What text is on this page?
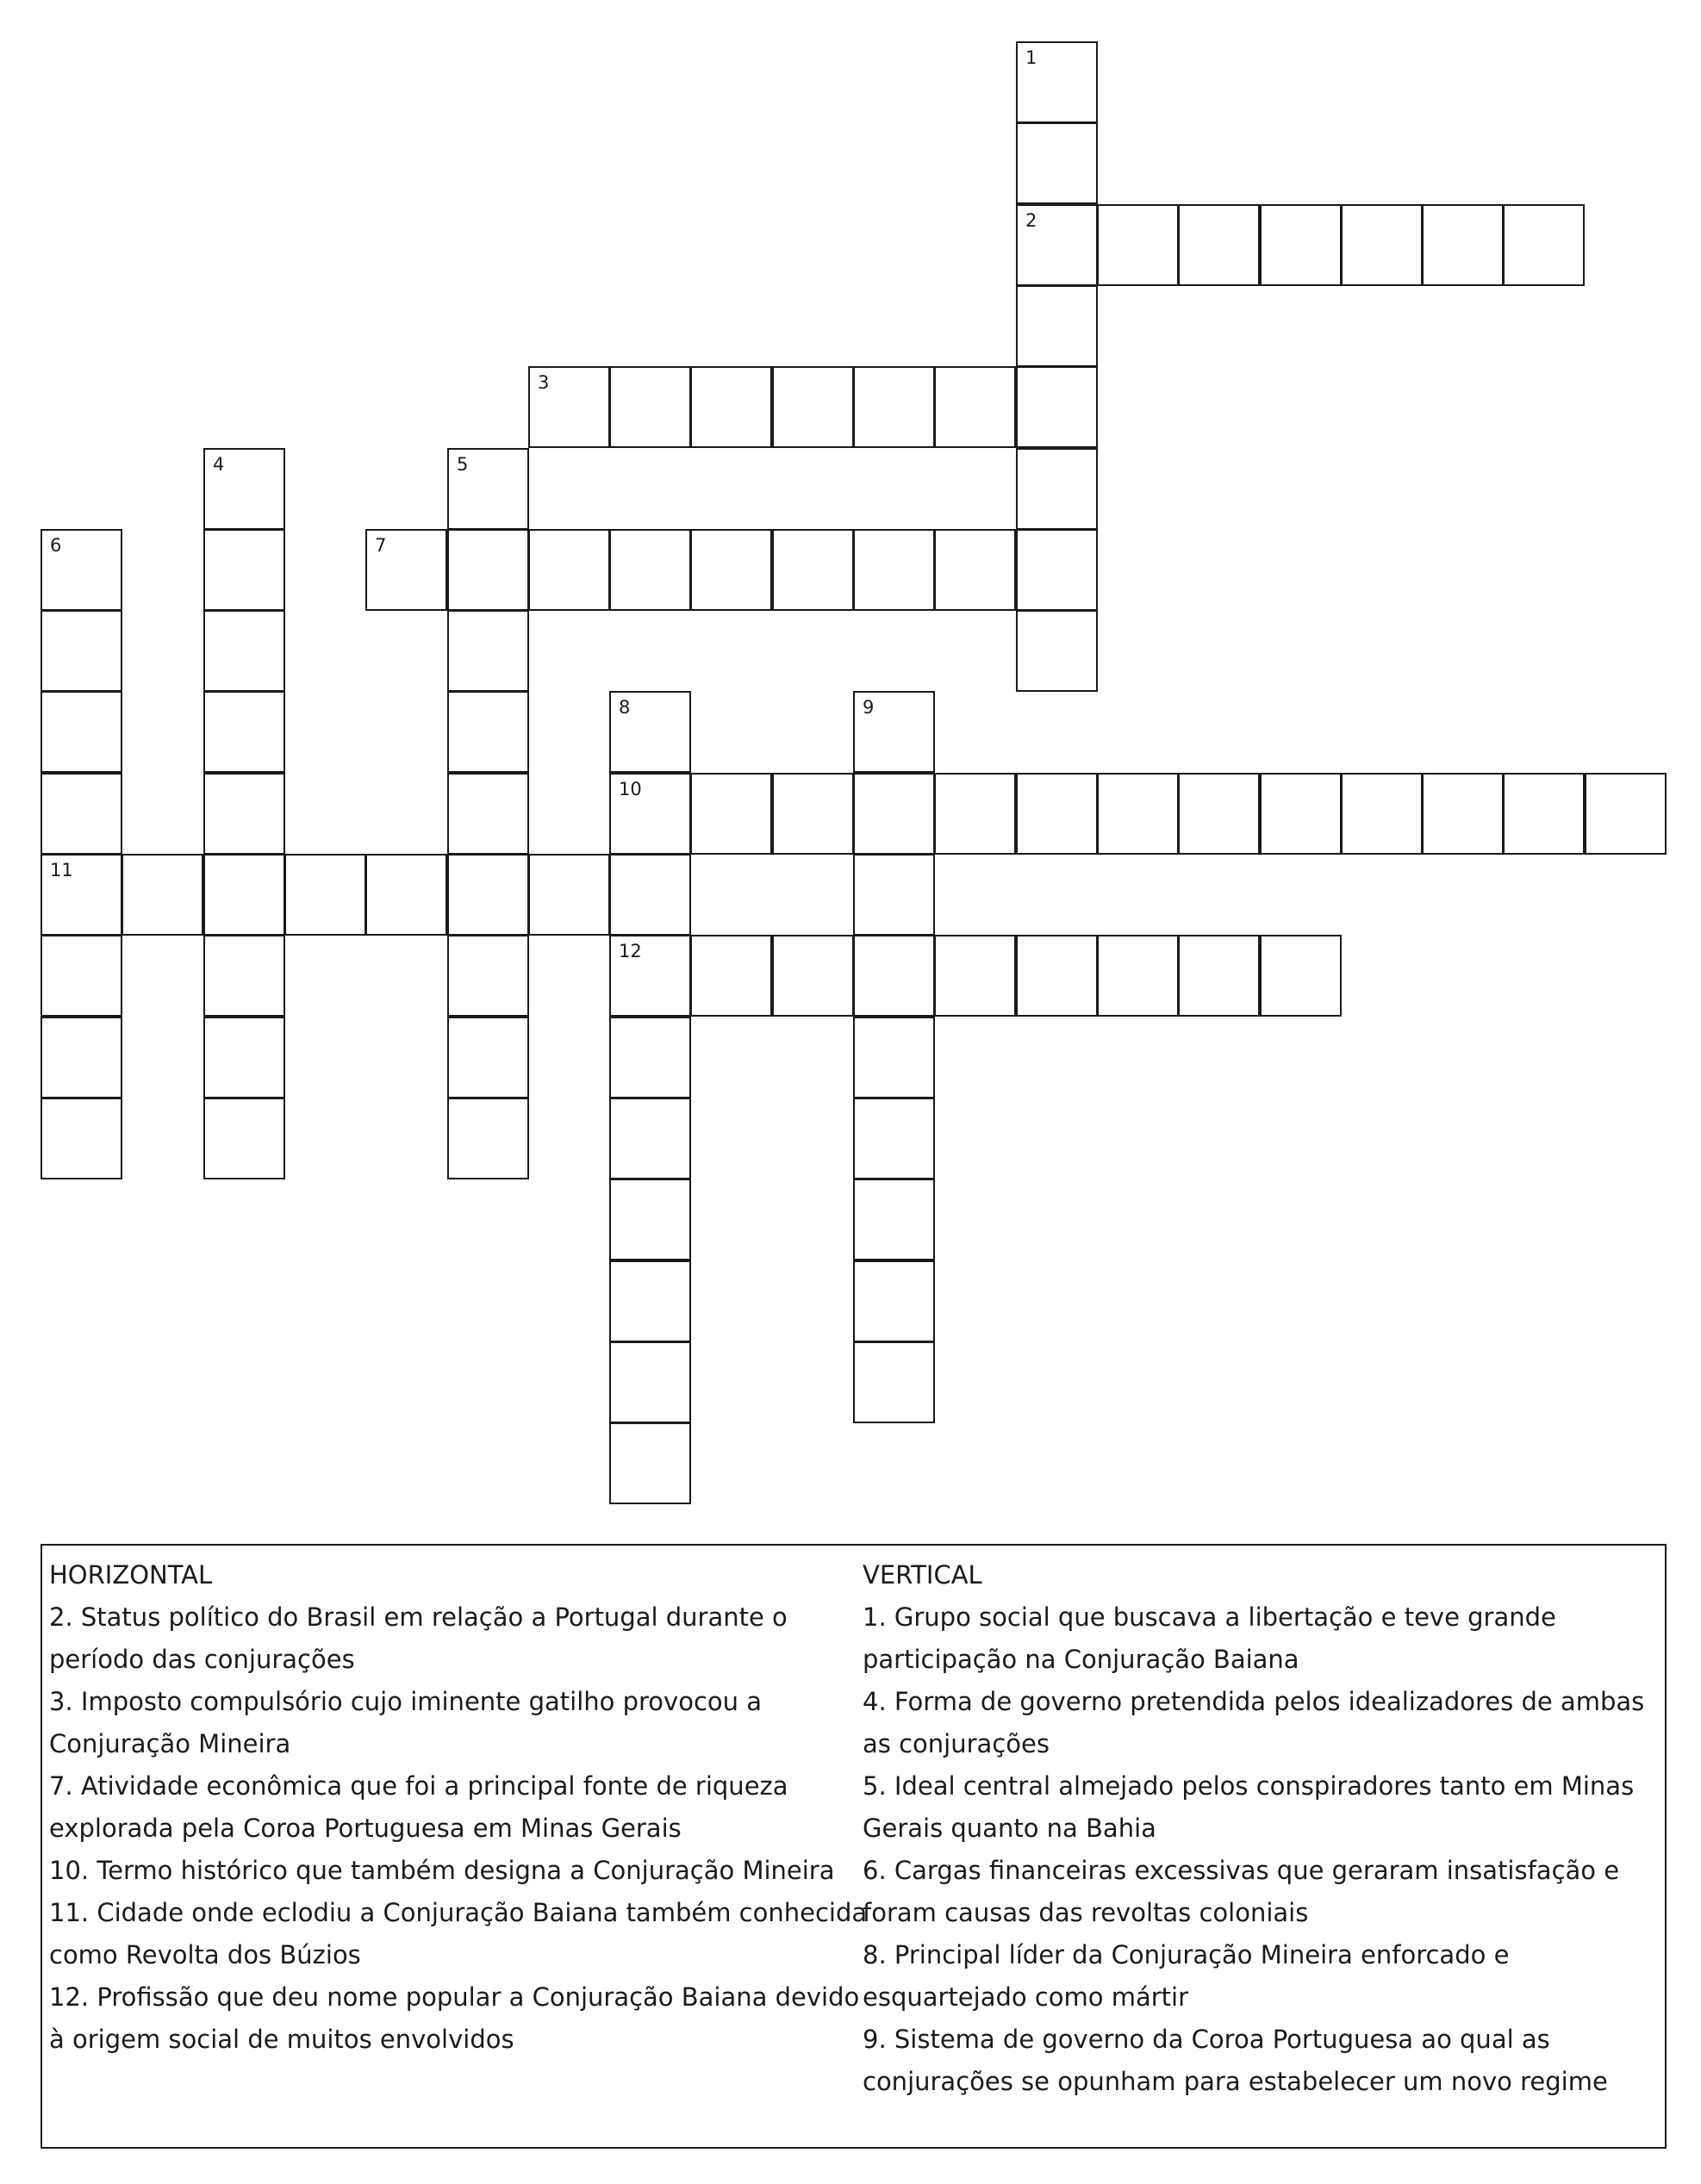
1
2
3
4	5
6
11
7
8
10
12
9

HORIZONTAL

2. Status político do Brasil em relação a Portugal durante o período das conjurações

3. Imposto compulsório cujo iminente gatilho provocou a Conjuração Mineira

7. Atividade econômica que foi a principal fonte de riqueza explorada pela Coroa Portuguesa em Minas Gerais

10. Termo histórico que também designa a Conjuração Mineira

11. Cidade onde eclodiu a Conjuração Baiana também conhecida como Revolta dos Búzios

12. Profissão que deu nome popular a Conjuração Baiana devido à origem social de muitos envolvidos

VERTICAL

1. Grupo social que buscava a libertação e teve grande participação na Conjuração Baiana

4. Forma de governo pretendida pelos idealizadores de ambas as conjurações

5. Ideal central almejado pelos conspiradores tanto em Minas Gerais quanto na Bahia

6. Cargas financeiras excessivas que geraram insatisfação e foram causas das revoltas coloniais

8. Principal líder da Conjuração Mineira enforcado e esquartejado como mártir

9. Sistema de governo da Coroa Portuguesa ao qual as conjurações se opunham para estabelecer um novo regime
